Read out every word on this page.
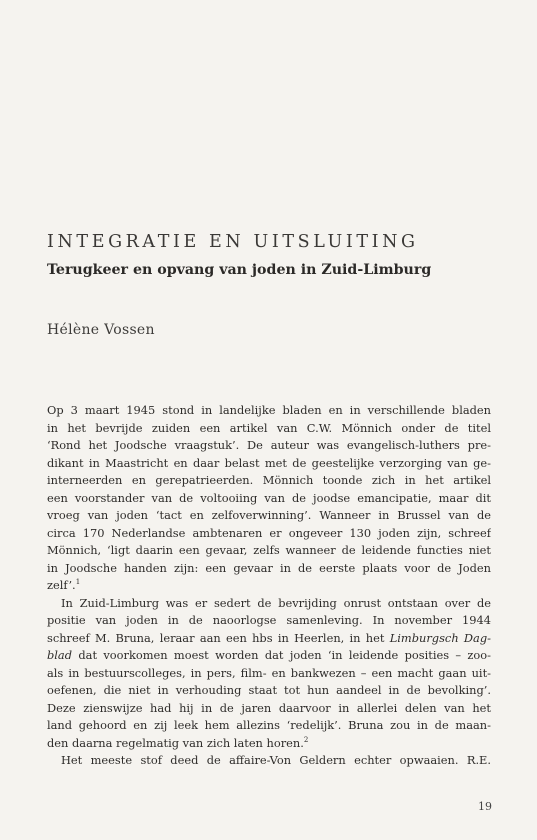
INTEGRATIE EN UITSLUITING
Terugkeer en opvang van joden in Zuid-Limburg
Hélène Vossen
Op 3 maart 1945 stond in landelijke bladen en in verschillende bladen
in het bevrijde zuiden een artikel van C.W. Mönnich onder de titel
‘Rond het Joodsche vraagstuk’. De auteur was evangelisch-luthers pre-
dikant in Maastricht en daar belast met de geestelijke verzorging van ge-
interneerden en gerepatrieerden. Mönnich toonde zich in het artikel
een voorstander van de voltooiing van de joodse emancipatie, maar dit
vroeg van joden ‘tact en zelfoverwinning’. Wanneer in Brussel van de
circa 170 Nederlandse ambtenaren er ongeveer 130 joden zijn, schreef
Mönnich, ‘ligt daarin een gevaar, zelfs wanneer de leidende functies niet
in Joodsche handen zijn: een gevaar in de eerste plaats voor de Joden
zelf’.$^1$
In Zuid-Limburg was er sedert de bevrijding onrust ontstaan over de
positie van joden in de naoorlogse samenleving. In november 1944
schreef M. Bruna, leraar aan een hbs in Heerlen, in het Limburgsch Dag-
blad dat voorkomen moest worden dat joden ‘in leidende posities – zoo-
als in bestuurscolleges, in pers, film- en bankwezen – een macht gaan uit-
oefenen, die niet in verhouding staat tot hun aandeel in de bevolking’.
Deze zienswijze had hij in de jaren daarvoor in allerlei delen van het
land gehoord en zij leek hem allezins ‘redelijk’. Bruna zou in de maan-
den daarna regelmatig van zich laten horen.$^2$
Het meeste stof deed de affaire-Von Geldern echter opwaaien. R.E.
19
